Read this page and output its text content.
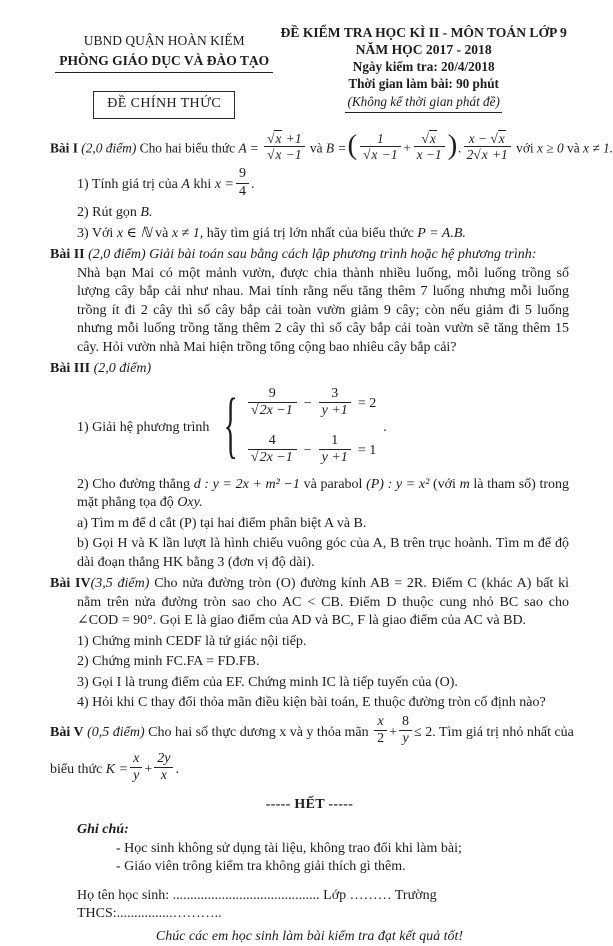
UBND QUẬN HOÀN KIẾM
PHÒNG GIÁO DỤC VÀ ĐÀO TẠO
ĐỀ CHÍNH THỨC
ĐỀ KIỂM TRA HỌC KÌ II - MÔN TOÁN LỚP 9
NĂM HỌC 2017 - 2018
Ngày kiểm tra: 20/4/2018
Thời gian làm bài: 90 phút
(Không kể thời gian phát đề)

Bài I (2,0 điểm) Cho hai biểu thức $A = \frac{√x +1}{√x -1}$ và B =( $\frac{1}{√x -1} + \frac{√x}{x -1}$ ). $\frac{x - √x}{2√x +1}$ với x ≥ 0 và x ≠ 1.

1) Tính giá trị của A khi $x = \frac{9}{4}$ .

2) Rút gọn B.

3) Với x ∈ ℕ và x ≠ 1, hãy tìm giá trị lớn nhất của biểu thức P = A.B.

Bài II (2,0 điểm) Giải bài toán sau bằng cách lập phương trình hoặc hệ phương trình:

Nhà bạn Mai có một mảnh vườn, được chia thành nhiều luống, mỗi luống trồng số lượng cây bắp cải như nhau. Mai tính rằng nếu tăng thêm 7 luống nhưng mỗi luống trồng ít đi 2 cây thì số cây bắp cải toàn vườn giảm 9 cây; còn nếu giảm đi 5 luống nhưng mỗi luống trồng tăng thêm 2 cây thì số cây bắp cải toàn vườn sẽ tăng thêm 15 cây. Hỏi vườn nhà Mai hiện trồng tổng cộng bao nhiêu cây bắp cải?

Bài III (2,0 điểm)

1) Giải hệ phương trình { $\frac{9}{√2x -1} - \frac{3}{y +1} = 2$
$\frac{4}{√2x -1} - \frac{1}{y +1} = 1$
.

2) Cho đường thẳng d : y = 2x + m² −1 và parabol (P) : y = x² (với m là tham số) trong mặt phẳng tọa độ Oxy.

a) Tìm m để d cắt (P) tại hai điểm phân biệt A và B.

b) Gọi H và K lần lượt là hình chiếu vuông góc của A, B trên trục hoành. Tìm m để độ dài đoạn thẳng HK bằng 3 (đơn vị độ dài).

Bài IV(3,5 điểm) Cho nửa đường tròn (O) đường kính AB = 2R. Điểm C (khác A) bất kì nằm trên nửa đường tròn sao cho AC < CB. Điểm D thuộc cung nhỏ BC sao cho ∠COD = 90°. Gọi E là giao điểm của AD và BC, F là giao điểm của AC và BD.

1) Chứng minh CEDF là tứ giác nội tiếp.

2) Chứng minh FC.FA = FD.FB.

3) Gọi I là trung điểm của EF. Chứng minh IC là tiếp tuyến của (O).

4) Hỏi khi C thay đổi thỏa mãn điều kiện bài toán, E thuộc đường tròn cố định nào?

Bài V (0,5 điểm) Cho hai số thực dương x và y thỏa mãn $\frac{x}{2} + \frac{8}{y} \le 2$. Tìm giá trị nhỏ nhất của

biểu thức $K = \frac{x}{y} + \frac{2y}{x}$ .

----- HẾT -----

Ghi chú:

- Học sinh không sử dụng tài liệu, không trao đổi khi làm bài;

- Giáo viên trông kiểm tra không giải thích gì thêm.

Họ tên học sinh: .......................................... Lớp ……… Trường THCS:................………..

Chúc các em học sinh làm bài kiểm tra đạt kết quả tốt!
